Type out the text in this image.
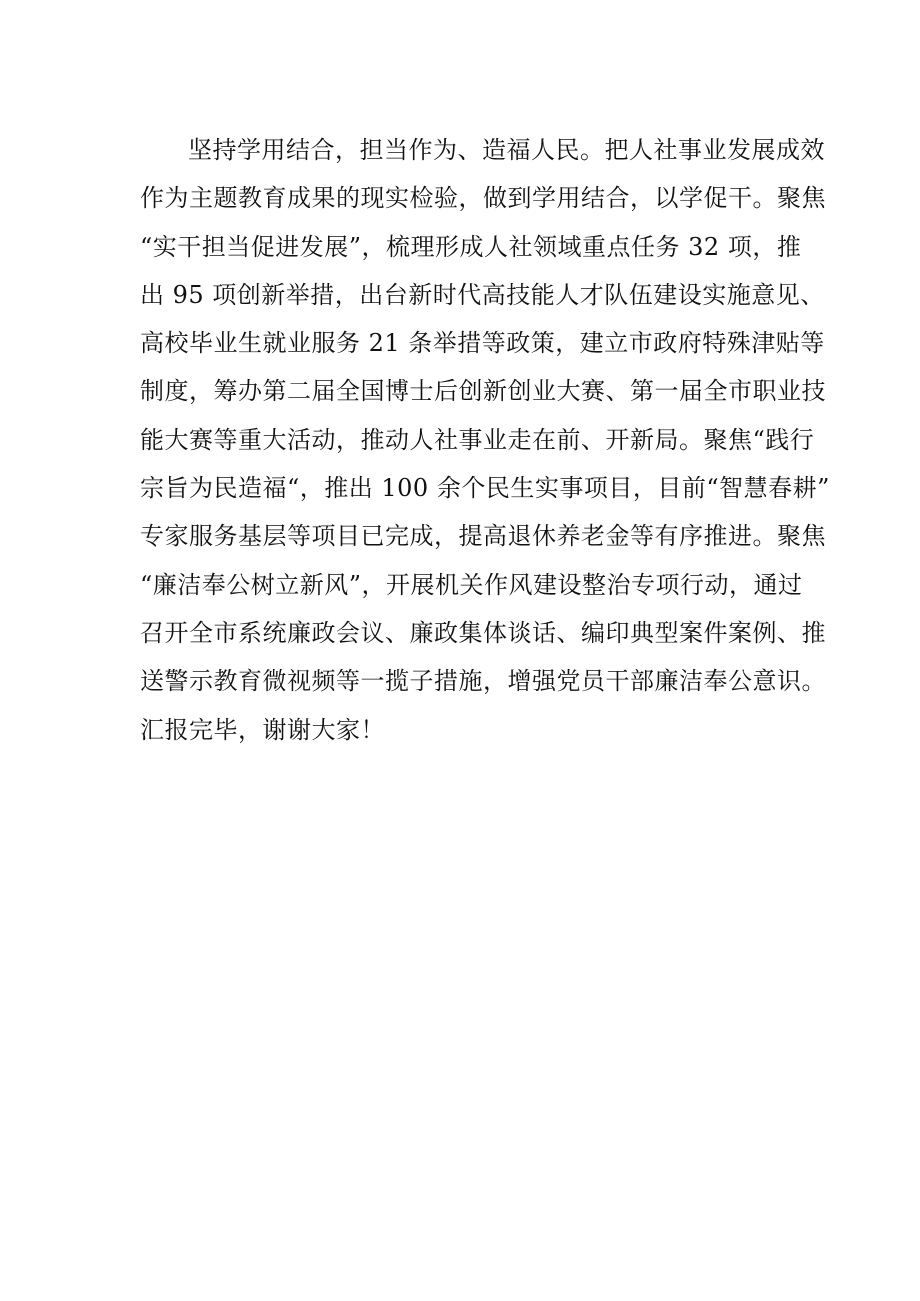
坚持学用结合，担当作为、造福人民。把人社事业发展成效
作为主题教育成果的现实检验，做到学用结合，以学促干。聚焦
“实干担当促进发展”，梳理形成人社领域重点任务 32 项，推
出 95 项创新举措，出台新时代高技能人才队伍建设实施意见、
高校毕业生就业服务 21 条举措等政策，建立市政府特殊津贴等
制度，筹办第二届全国博士后创新创业大赛、第一届全市职业技
能大赛等重大活动，推动人社事业走在前、开新局。聚焦“践行
宗旨为民造福“，推出 100 余个民生实事项目，目前“智慧春耕”
专家服务基层等项目已完成，提高退休养老金等有序推进。聚焦
“廉洁奉公树立新风”，开展机关作风建设整治专项行动，通过
召开全市系统廉政会议、廉政集体谈话、编印典型案件案例、推
送警示教育微视频等一揽子措施，增强党员干部廉洁奉公意识。
汇报完毕，谢谢大家！
